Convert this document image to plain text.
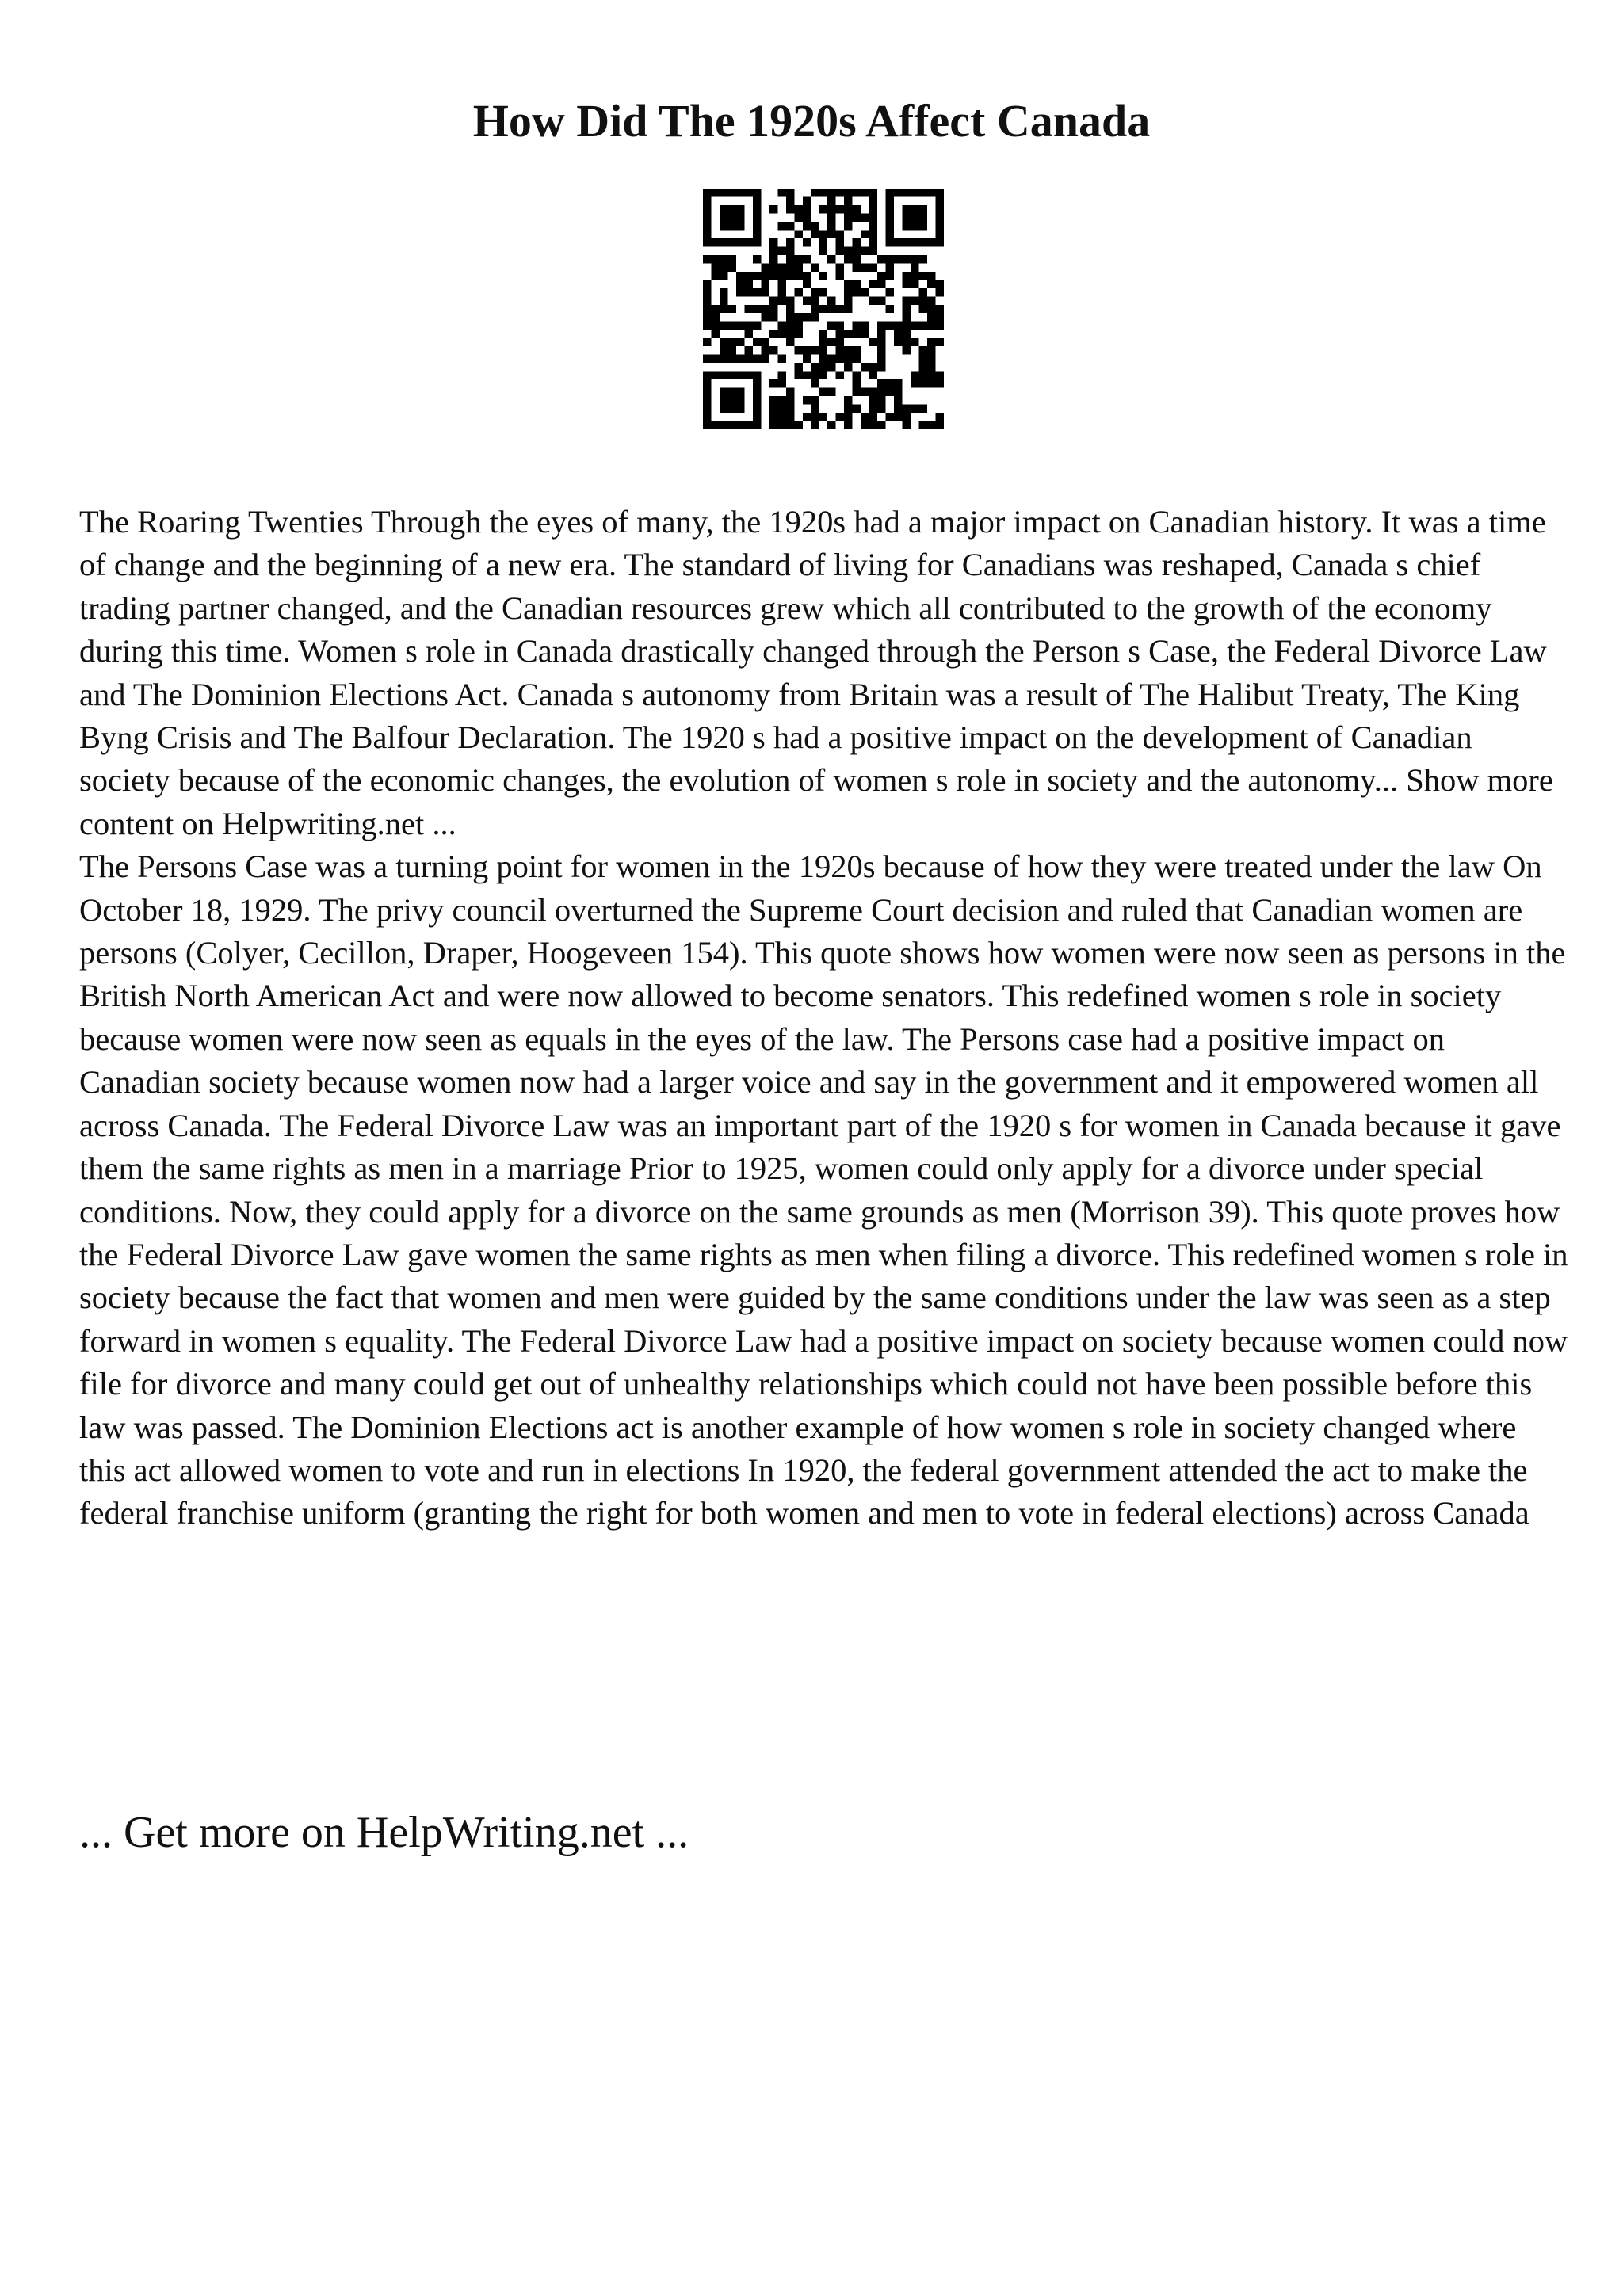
How Did The 1920s Affect Canada

The Roaring Twenties Through the eyes of many, the 1920s had a major impact on Canadian history. It was a time of change and the beginning of a new era. The standard of living for Canadians was reshaped, Canada s chief trading partner changed, and the Canadian resources grew which all contributed to the growth of the economy during this time. Women s role in Canada drastically changed through the Person s Case, the Federal Divorce Law and The Dominion Elections Act. Canada s autonomy from Britain was a result of The Halibut Treaty, The King Byng Crisis and The Balfour Declaration. The 1920 s had a positive impact on the development of Canadian society because of the economic changes, the evolution of women s role in society and the autonomy... Show more content on Helpwriting.net ...

The Persons Case was a turning point for women in the 1920s because of how they were treated under the law On October 18, 1929. The privy council overturned the Supreme Court decision and ruled that Canadian women are persons (Colyer, Cecillon, Draper, Hoogeveen 154). This quote shows how women were now seen as persons in the British North American Act and were now allowed to become senators. This redefined women s role in society because women were now seen as equals in the eyes of the law. The Persons case had a positive impact on Canadian society because women now had a larger voice and say in the government and it empowered women all across Canada. The Federal Divorce Law was an important part of the 1920 s for women in Canada because it gave them the same rights as men in a marriage Prior to 1925, women could only apply for a divorce under special conditions. Now, they could apply for a divorce on the same grounds as men (Morrison 39). This quote proves how the Federal Divorce Law gave women the same rights as men when filing a divorce. This redefined women s role in society because the fact that women and men were guided by the same conditions under the law was seen as a step forward in women s equality. The Federal Divorce Law had a positive impact on society because women could now file for divorce and many could get out of unhealthy relationships which could not have been possible before this law was passed. The Dominion Elections act is another example of how women s role in society changed where this act allowed women to vote and run in elections In 1920, the federal government attended the act to make the federal franchise uniform (granting the right for both women and men to vote in federal elections) across Canada

... Get more on HelpWriting.net ...
